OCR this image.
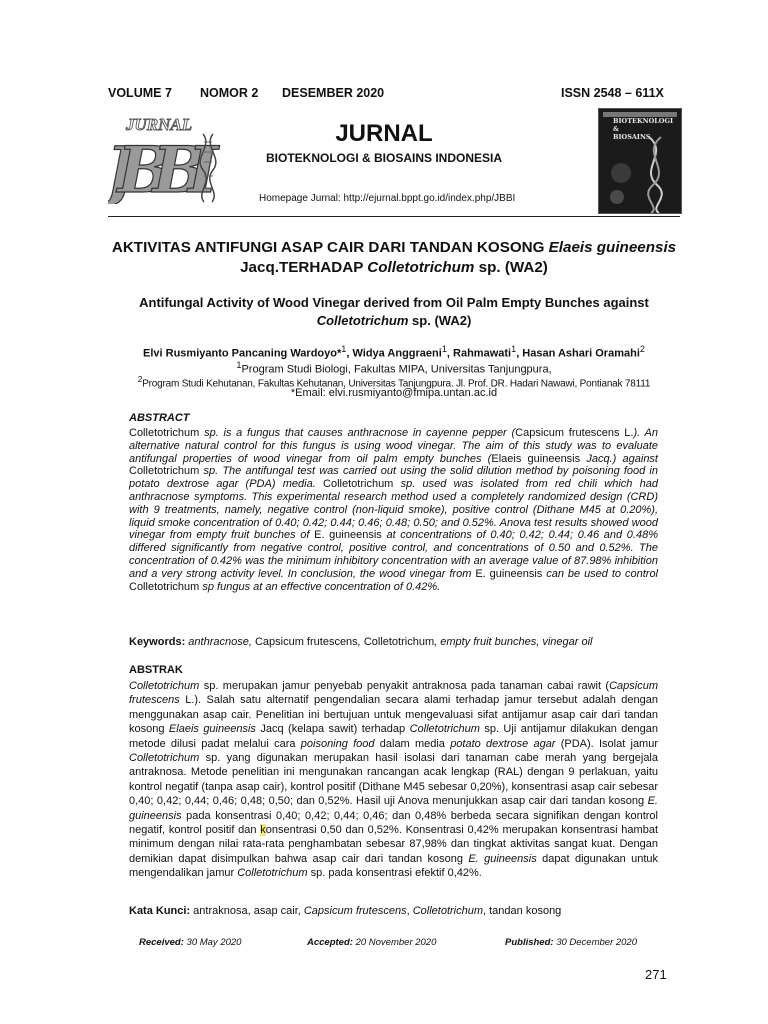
VOLUME 7 NOMOR 2 DESEMBER 2020	ISSN 2548 – 611X
JURNAL
JBBI	JURNAL
BIOTEKNOLOGI & BIOSAINS INDONESIA
Homepage Jurnal: http://ejurnal.bppt.go.id/index.php/JBBI
BIOTEKNOLOGI &
BIOSAINS
AKTIVITAS ANTIFUNGI ASAP CAIR DARI TANDAN KOSONG Elaeis guineensis Jacq.TERHADAP Colletotrichum sp. (WA2)
Antifungal Activity of Wood Vinegar derived from Oil Palm Empty Bunches against Colletotrichum sp. (WA2)
Elvi Rusmiyanto Pancaning Wardoyo*$^1$, Widya Anggraeni$^1$, Rahmawati$^1$, Hasan Ashari Oramahi$^2$
$^1$Program Studi Biologi, Fakultas MIPA, Universitas Tanjungpura,
$^2$Program Studi Kehutanan, Fakultas Kehutanan, Universitas Tanjungpura. Jl. Prof. DR. Hadari Nawawi, Pontianak 78111
*Email: elvi.rusmiyanto@fmipa.untan.ac.id
ABSTRACT
Colletotrichum sp. is a fungus that causes anthracnose in cayenne pepper (Capsicum frutescens L.). An alternative natural control for this fungus is using wood vinegar. The aim of this study was to evaluate antifungal properties of wood vinegar from oil palm empty bunches (Elaeis guineensis Jacq.) against Colletotrichum sp. The antifungal test was carried out using the solid dilution method by poisoning food in potato dextrose agar (PDA) media. Colletotrichum sp. used was isolated from red chili which had anthracnose symptoms. This experimental research method used a completely randomized design (CRD) with 9 treatments, namely, negative control (non-liquid smoke), positive control (Dithane M45 at 0.20%), liquid smoke concentration of 0.40; 0.42; 0.44; 0.46; 0.48; 0.50; and 0.52%. Anova test results showed wood vinegar from empty fruit bunches of E. guineensis at concentrations of 0.40; 0.42; 0.44; 0.46 and 0.48% differed significantly from negative control, positive control, and concentrations of 0.50 and 0.52%. The concentration of 0.42% was the minimum inhibitory concentration with an average value of 87.98% inhibition and a very strong activity level. In conclusion, the wood vinegar from E. guineensis can be used to control Colletotrichum sp fungus at an effective concentration of 0.42%.
Keywords: anthracnose, Capsicum frutescens, Colletotrichum, empty fruit bunches, vinegar oil
ABSTRAK
Colletotrichum sp. merupakan jamur penyebab penyakit antraknosa pada tanaman cabai rawit (Capsicum frutescens L.). Salah satu alternatif pengendalian secara alami terhadap jamur tersebut adalah dengan menggunakan asap cair. Penelitian ini bertujuan untuk mengevaluasi sifat antijamur asap cair dari tandan kosong Elaeis guineensis Jacq (kelapa sawit) terhadap Colletotrichum sp. Uji antijamur dilakukan dengan metode dilusi padat melalui cara poisoning food dalam media potato dextrose agar (PDA). Isolat jamur Colletotrichum sp. yang digunakan merupakan hasil isolasi dari tanaman cabe merah yang bergejala antraknosa. Metode penelitian ini mengunakan rancangan acak lengkap (RAL) dengan 9 perlakuan, yaitu kontrol negatif (tanpa asap cair), kontrol positif (Dithane M45 sebesar 0,20%), konsentrasi asap cair sebesar 0,40; 0,42; 0,44; 0,46; 0,48; 0,50; dan 0,52%. Hasil uji Anova menunjukkan asap cair dari tandan kosong E. guineensis pada konsentrasi 0,40; 0,42; 0,44; 0,46; dan 0,48% berbeda secara signifikan dengan kontrol negatif, kontrol positif dan konsentrasi 0,50 dan 0,52%. Konsentrasi 0,42% merupakan konsentrasi hambat minimum dengan nilai rata-rata penghambatan sebesar 87,98% dan tingkat aktivitas sangat kuat. Dengan demikian dapat disimpulkan bahwa asap cair dari tandan kosong E. guineensis dapat digunakan untuk mengendalikan jamur Colletotrichum sp. pada konsentrasi efektif 0,42%.
Kata Kunci: antraknosa, asap cair, Capsicum frutescens, Colletotrichum, tandan kosong
Received: 30 May 2020	Accepted: 20 November 2020	Published: 30 December 2020
271
